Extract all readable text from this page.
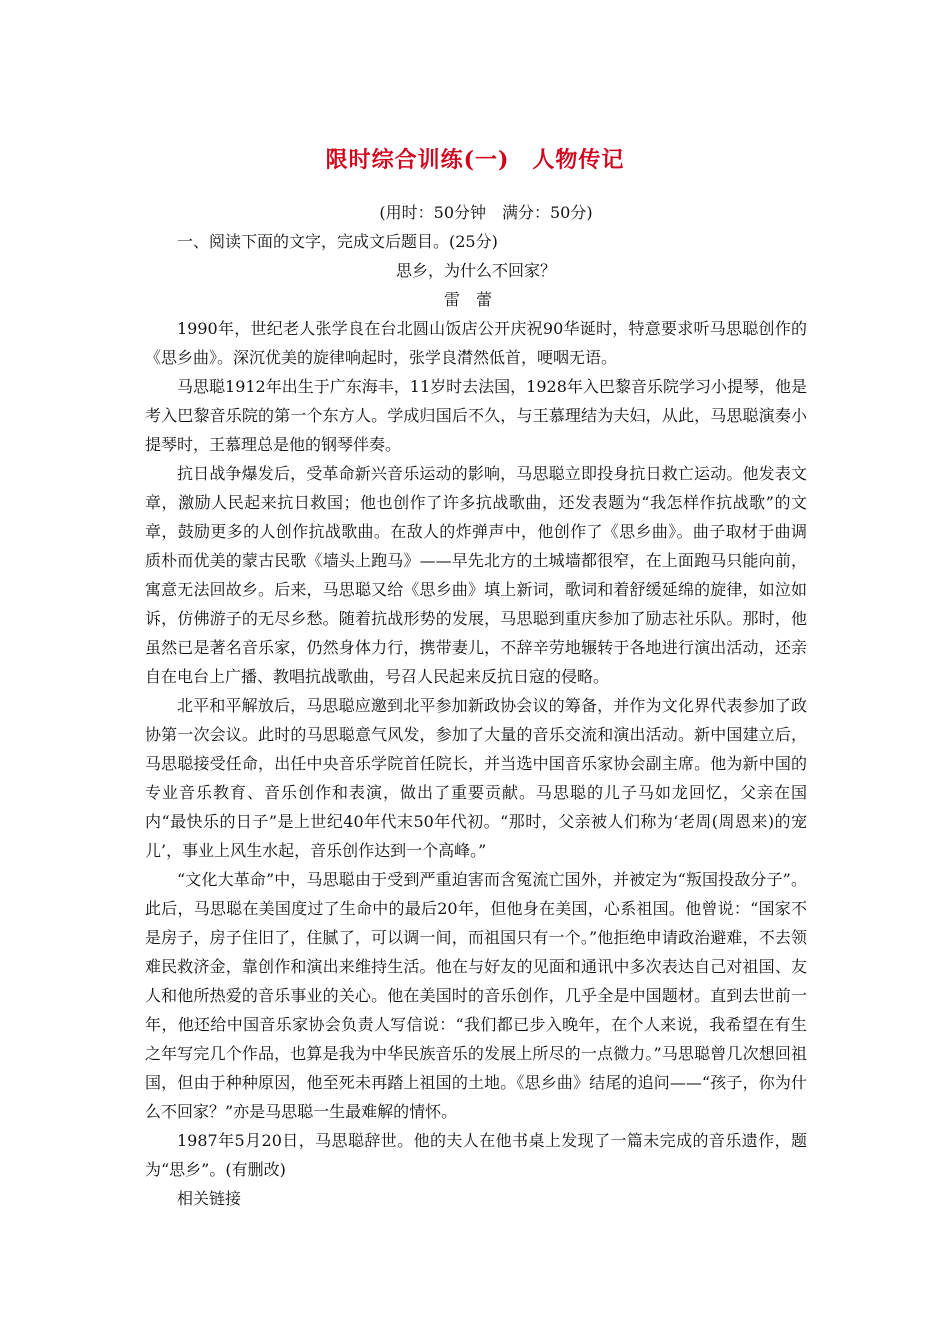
限时综合训练(一)　人物传记

(用时：50分钟　满分：50分)

一、阅读下面的文字，完成文后题目。(25分)

思乡，为什么不回家？

雷蕾

1990年，世纪老人张学良在台北圆山饭店公开庆祝90华诞时，特意要求听马思聪创作的《思乡曲》。深沉优美的旋律响起时，张学良潸然低首，哽咽无语。

马思聪1912年出生于广东海丰，11岁时去法国，1928年入巴黎音乐院学习小提琴，他是考入巴黎音乐院的第一个东方人。学成归国后不久，与王慕理结为夫妇，从此，马思聪演奏小提琴时，王慕理总是他的钢琴伴奏。

抗日战争爆发后，受革命新兴音乐运动的影响，马思聪立即投身抗日救亡运动。他发表文章，激励人民起来抗日救国；他也创作了许多抗战歌曲，还发表题为“我怎样作抗战歌”的文章，鼓励更多的人创作抗战歌曲。在敌人的炸弹声中，他创作了《思乡曲》。曲子取材于曲调质朴而优美的蒙古民歌《墙头上跑马》——早先北方的土城墙都很窄，在上面跑马只能向前，寓意无法回故乡。后来，马思聪又给《思乡曲》填上新词，歌词和着舒缓延绵的旋律，如泣如诉，仿佛游子的无尽乡愁。随着抗战形势的发展，马思聪到重庆参加了励志社乐队。那时，他虽然已是著名音乐家，仍然身体力行，携带妻儿，不辞辛劳地辗转于各地进行演出活动，还亲自在电台上广播、教唱抗战歌曲，号召人民起来反抗日寇的侵略。

北平和平解放后，马思聪应邀到北平参加新政协会议的筹备，并作为文化界代表参加了政协第一次会议。此时的马思聪意气风发，参加了大量的音乐交流和演出活动。新中国建立后，马思聪接受任命，出任中央音乐学院首任院长，并当选中国音乐家协会副主席。他为新中国的专业音乐教育、音乐创作和表演，做出了重要贡献。马思聪的儿子马如龙回忆，父亲在国内“最快乐的日子”是上世纪40年代末50年代初。“那时，父亲被人们称为‘老周(周恩来)的宠儿’，事业上风生水起，音乐创作达到一个高峰。”

“文化大革命”中，马思聪由于受到严重迫害而含冤流亡国外，并被定为“叛国投敌分子”。此后，马思聪在美国度过了生命中的最后20年，但他身在美国，心系祖国。他曾说：“国家不是房子，房子住旧了，住腻了，可以调一间，而祖国只有一个。”他拒绝申请政治避难，不去领难民救济金，靠创作和演出来维持生活。他在与好友的见面和通讯中多次表达自己对祖国、友人和他所热爱的音乐事业的关心。他在美国时的音乐创作，几乎全是中国题材。直到去世前一年，他还给中国音乐家协会负责人写信说：“我们都已步入晚年，在个人来说，我希望在有生之年写完几个作品，也算是我为中华民族音乐的发展上所尽的一点微力。”马思聪曾几次想回祖国，但由于种种原因，他至死未再踏上祖国的土地。《思乡曲》结尾的追问——“孩子，你为什么不回家？”亦是马思聪一生最难解的情怀。

1987年5月20日，马思聪辞世。他的夫人在他书桌上发现了一篇未完成的音乐遗作，题为“思乡”。(有删改)

相关链接
